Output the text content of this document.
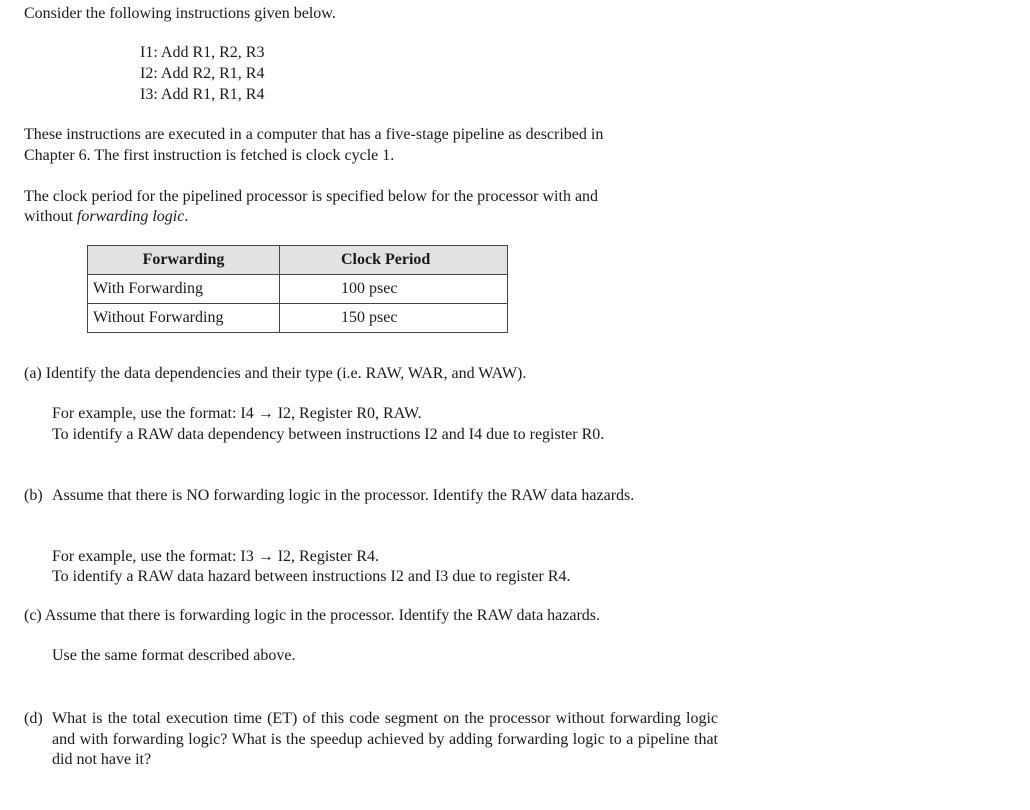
Consider the following instructions given below.
I1: Add R1, R2, R3
I2: Add R2, R1, R4
I3: Add R1, R1, R4
These instructions are executed in a computer that has a five-stage pipeline as described in
Chapter 6. The first instruction is fetched is clock cycle 1.
The clock period for the pipelined processor is specified below for the processor with and
without forwarding logic.
Forwarding	Clock Period
With Forwarding	100 psec
Without Forwarding	150 psec
(a) Identify the data dependencies and their type (i.e. RAW, WAR, and WAW).
For example, use the format: I4 → I2, Register R0, RAW.
To identify a RAW data dependency between instructions I2 and I4 due to register R0.
(b) Assume that there is NO forwarding logic in the processor. Identify the RAW data hazards.
For example, use the format: I3 → I2, Register R4.
To identify a RAW data hazard between instructions I2 and I3 due to register R4.
(c) Assume that there is forwarding logic in the processor. Identify the RAW data hazards.
Use the same format described above.
(d) What is the total execution time (ET) of this code segment on the processor without forwarding logic and with forwarding logic? What is the speedup achieved by adding forwarding logic to a pipeline that did not have it?
